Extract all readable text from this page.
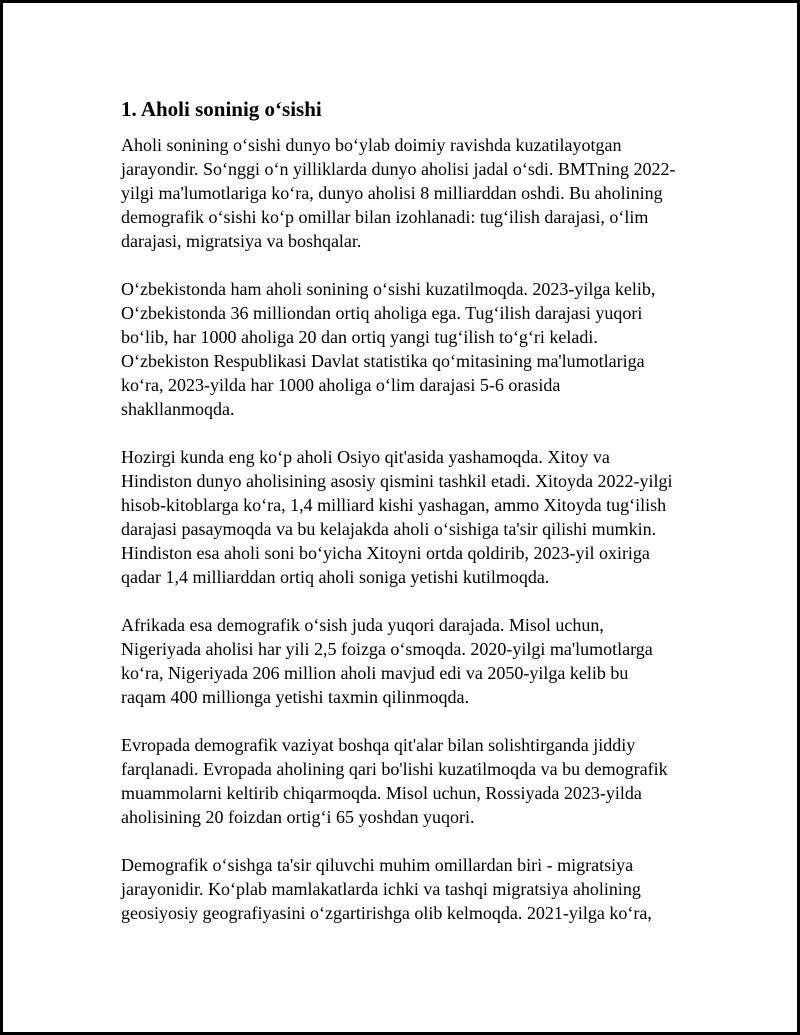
1. Aholi soninig o‘sishi

Aholi sonining o‘sishi dunyo bo‘ylab doimiy ravishda kuzatilayotgan
jarayondir. So‘nggi o‘n yilliklarda dunyo aholisi jadal o‘sdi. BMTning 2022-
yilgi ma'lumotlariga ko‘ra, dunyo aholisi 8 milliarddan oshdi. Bu aholining
demografik o‘sishi ko‘p omillar bilan izohlanadi: tug‘ilish darajasi, o‘lim
darajasi, migratsiya va boshqalar.

O‘zbekistonda ham aholi sonining o‘sishi kuzatilmoqda. 2023-yilga kelib,
O‘zbekistonda 36 milliondan ortiq aholiga ega. Tug‘ilish darajasi yuqori
bo‘lib, har 1000 aholiga 20 dan ortiq yangi tug‘ilish to‘g‘ri keladi.
O‘zbekiston Respublikasi Davlat statistika qo‘mitasining ma'lumotlariga
ko‘ra, 2023-yilda har 1000 aholiga o‘lim darajasi 5-6 orasida
shakllanmoqda.

Hozirgi kunda eng ko‘p aholi Osiyo qit'asida yashamoqda. Xitoy va
Hindiston dunyo aholisining asosiy qismini tashkil etadi. Xitoyda 2022-yilgi
hisob-kitoblarga ko‘ra, 1,4 milliard kishi yashagan, ammo Xitoyda tug‘ilish
darajasi pasaymoqda va bu kelajakda aholi o‘sishiga ta'sir qilishi mumkin.
Hindiston esa aholi soni bo‘yicha Xitoyni ortda qoldirib, 2023-yil oxiriga
qadar 1,4 milliarddan ortiq aholi soniga yetishi kutilmoqda.

Afrikada esa demografik o‘sish juda yuqori darajada. Misol uchun,
Nigeriyada aholisi har yili 2,5 foizga o‘smoqda. 2020-yilgi ma'lumotlarga
ko‘ra, Nigeriyada 206 million aholi mavjud edi va 2050-yilga kelib bu
raqam 400 millionga yetishi taxmin qilinmoqda.

Evropada demografik vaziyat boshqa qit'alar bilan solishtirganda jiddiy
farqlanadi. Evropada aholining qari bo'lishi kuzatilmoqda va bu demografik
muammolarni keltirib chiqarmoqda. Misol uchun, Rossiyada 2023-yilda
aholisining 20 foizdan ortig‘i 65 yoshdan yuqori.

Demografik o‘sishga ta'sir qiluvchi muhim omillardan biri - migratsiya
jarayonidir. Ko‘plab mamlakatlarda ichki va tashqi migratsiya aholining
geosiyosiy geografiyasini o‘zgartirishga olib kelmoqda. 2021-yilga ko‘ra,
